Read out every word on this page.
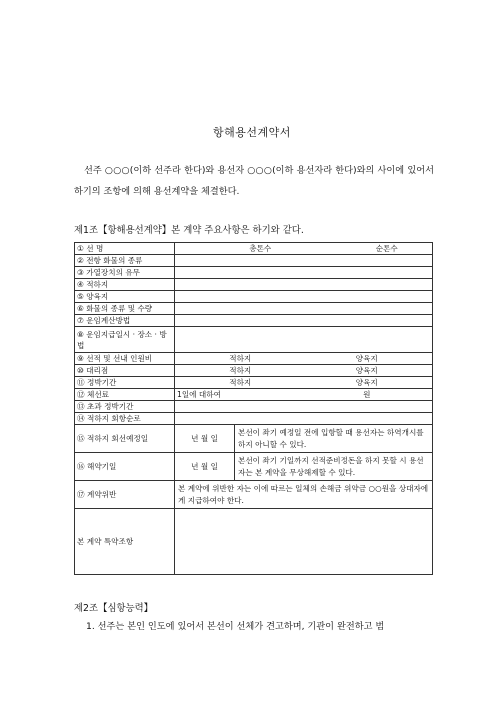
항해용선계약서
선주 ○○○(이하 선주라 한다)와 용선자 ○○○(이하 용선자라 한다)와의 사이에 있어서 하기의 조항에 의해 용선계약을 체결한다.
제1조【항해용선계약】본 계약 주요사항은 하기와 같다.
① 선 명	총톤수 순톤수	

② 전항 화물의 종류		
③ 가열장치의 유무		
④ 적하지		
⑤ 양육지		
⑥ 화물의 종류 및 수량		
⑦ 운임계산방법		
⑧ 운임지급일시 · 장소 · 방법		
⑨ 선적 및 선내 인원비	적하지 양육지	

⑩ 대리점	적하지 양육지	

⑪ 정박기간	적하지 양육지	

⑫ 체선료	1일에 대하여 원	

⑬ 초과 정박기간		
⑭ 적하지 회항순로		
⑮ 적하지 회선예정일	년 월 일	본선이 좌기 예정일 전에 입항할 때 용선자는 하역개시를 하지 아니할 수 있다.
⑯ 해약기일	년 월 일	본선이 좌기 기일까지 선적준비정돈을 하지 못할 시 용선자는 본 계약을 무상해제할 수 있다.
⑰ 계약위반	본 계약에 위반한 자는 이에 따르는 일체의 손해금 위약금 ○○원을 상대자에게 지급하여야 한다.	
본 계약 특약조항		
제2조【심항능력】
1. 선주는 본인 인도에 있어서 본선이 선체가 견고하며, 기관이 완전하고 범
